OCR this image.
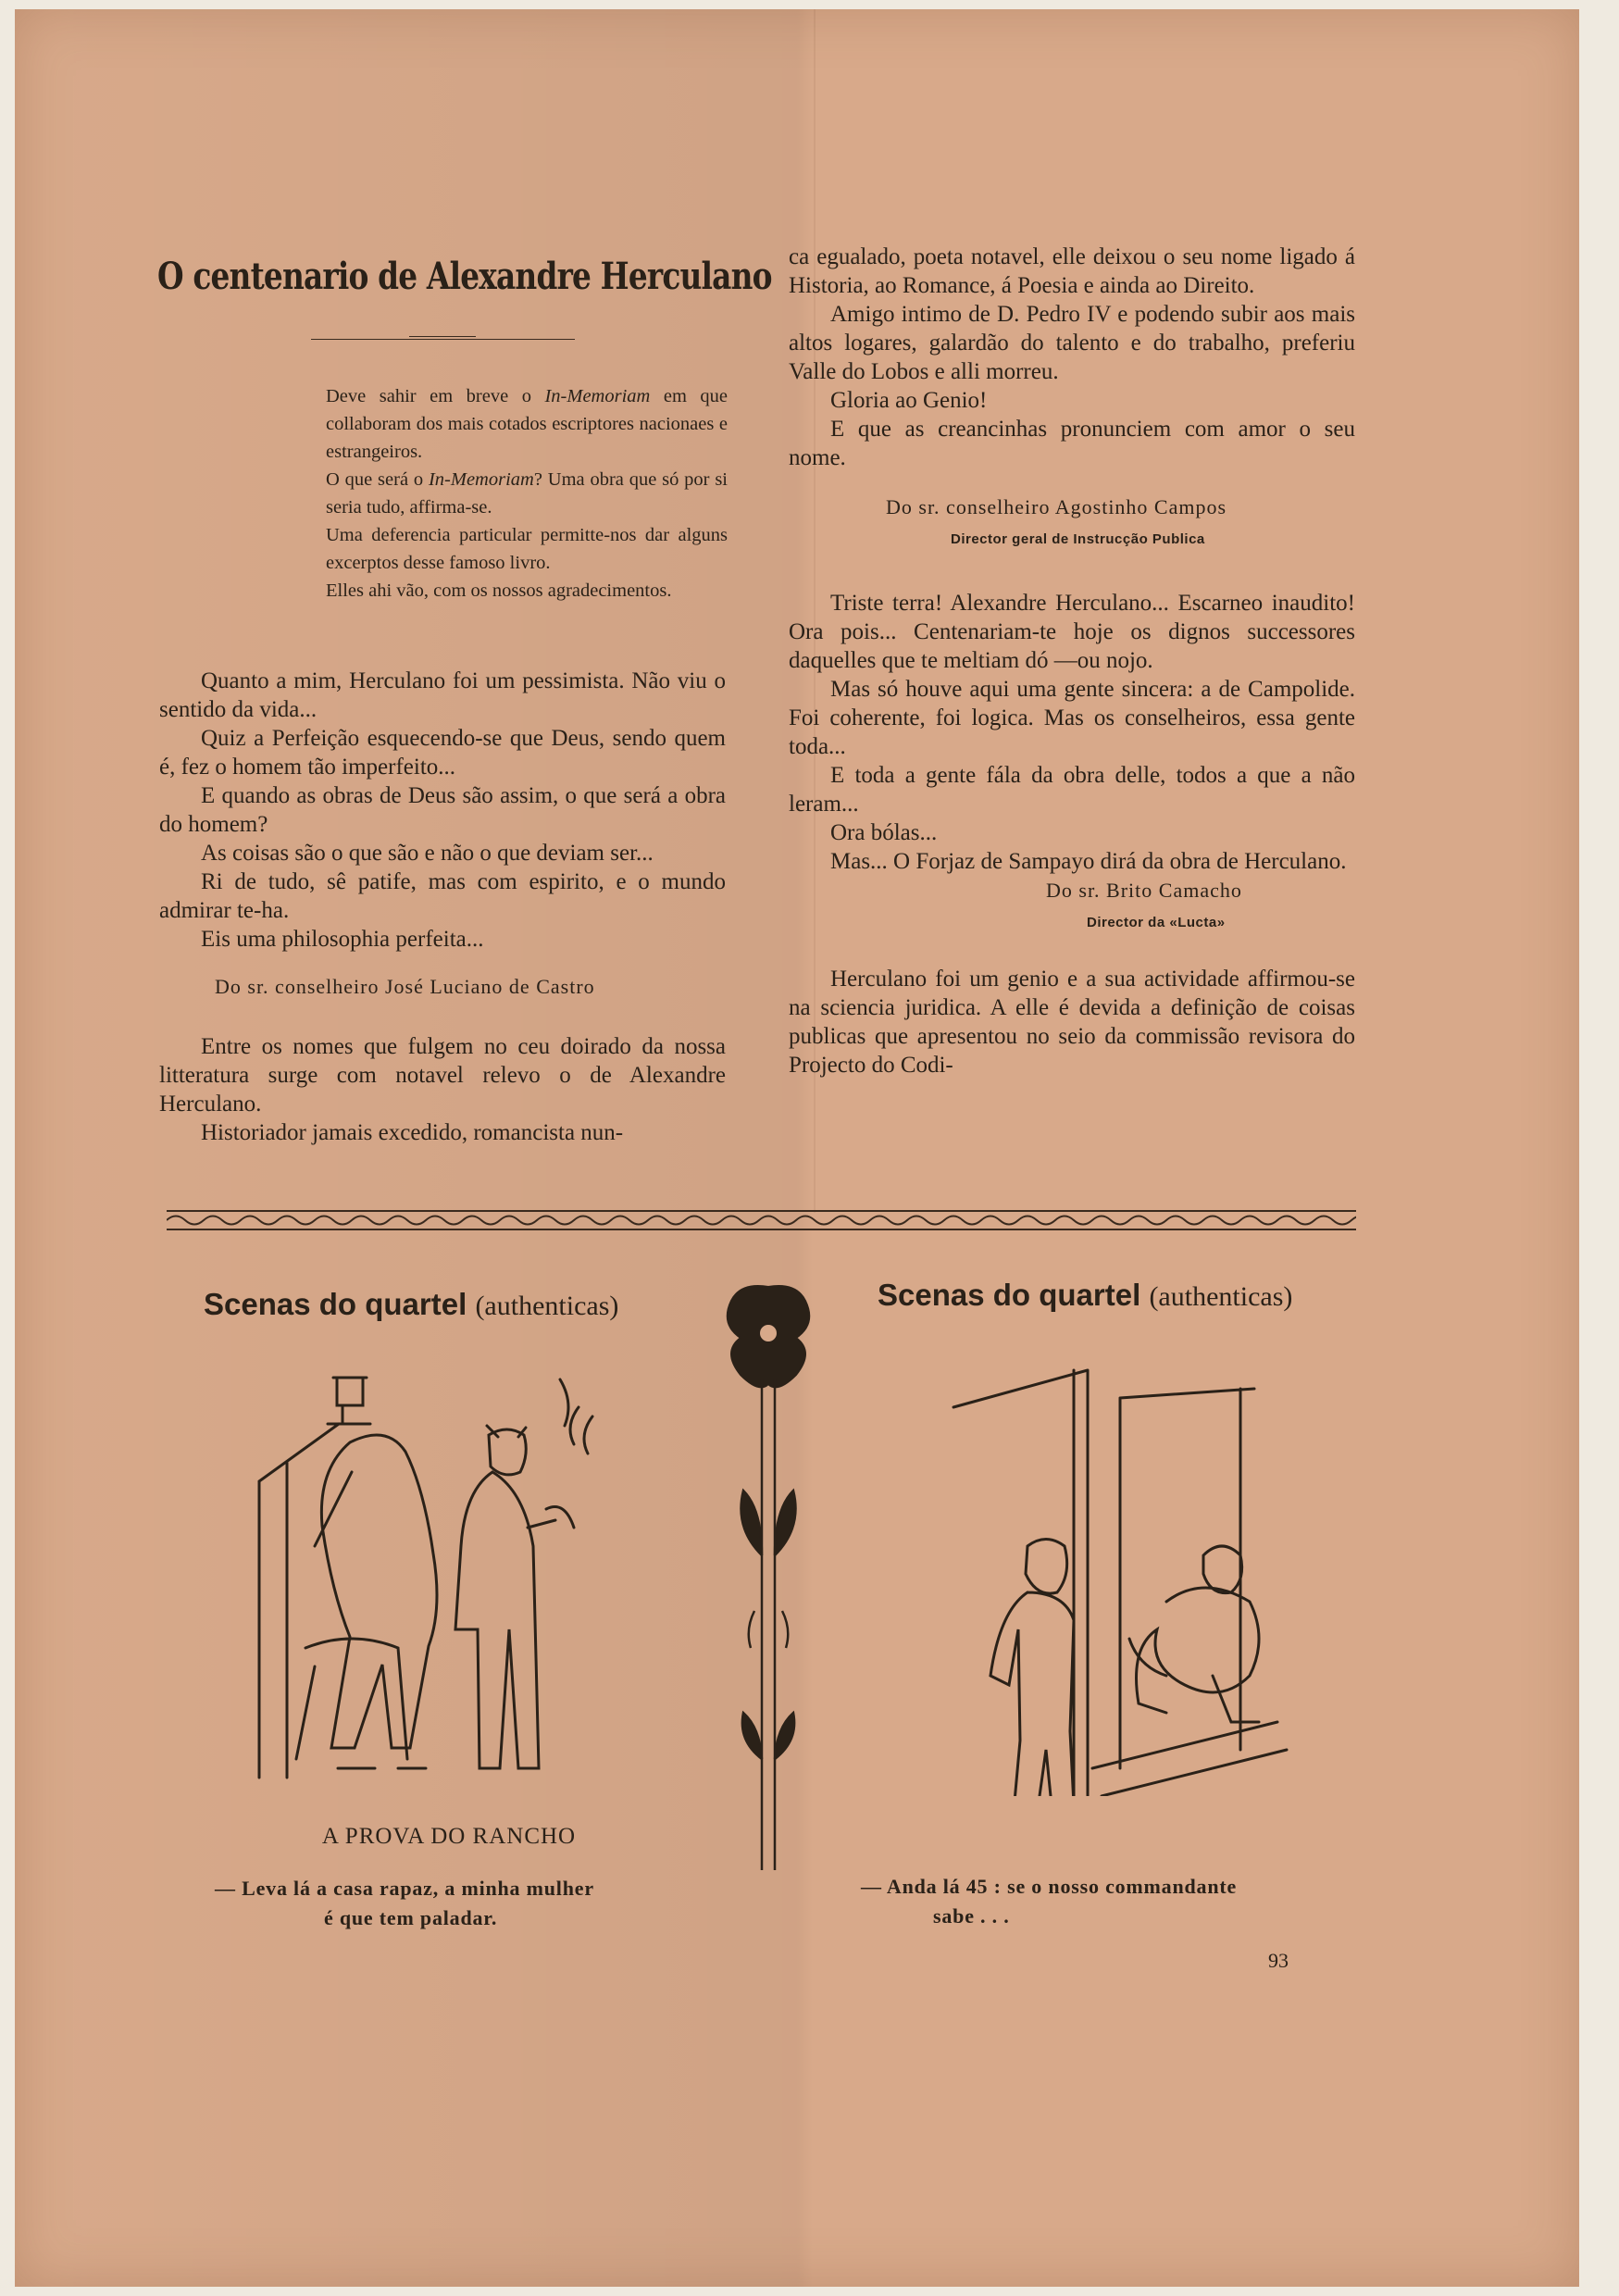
O centenario de Alexandre Herculano

Deve sahir em breve o In-Memoriam em que collaboram dos mais cotados escriptores nacionaes e estrangeiros.

O que será o In-Memoriam? Uma obra que só por si seria tudo, affirma-se.

Uma deferencia particular permitte-nos dar alguns excerptos desse famoso livro.

Elles ahi vão, com os nossos agradecimentos.

Quanto a mim, Herculano foi um pessimista. Não viu o sentido da vida...

Quiz a Perfeição esquecendo-se que Deus, sendo quem é, fez o homem tão imperfeito...

E quando as obras de Deus são assim, o que será a obra do homem?

As coisas são o que são e não o que deviam ser...

Ri de tudo, sê patife, mas com espirito, e o mundo admirar te-ha.

Eis uma philosophia perfeita...

Do sr. conselheiro José Luciano de Castro

Entre os nomes que fulgem no ceu doirado da nossa litteratura surge com notavel relevo o de Alexandre Herculano.

Historiador jamais excedido, romancista nun-

ca egualado, poeta notavel, elle deixou o seu nome ligado á Historia, ao Romance, á Poesia e ainda ao Direito.

Amigo intimo de D. Pedro IV e podendo subir aos mais altos logares, galardão do talento e do trabalho, preferiu Valle do Lobos e alli morreu.

Gloria ao Genio!

E que as creancinhas pronunciem com amor o seu nome.

Do sr. conselheiro Agostinho Campos
Director geral de Instrucção Publica

Triste terra! Alexandre Herculano... Escarneo inaudito! Ora pois... Centenariam-te hoje os dignos successores daquelles que te meltiam dó —ou nojo.

Mas só houve aqui uma gente sincera: a de Campolide. Foi coherente, foi logica. Mas os conselheiros, essa gente toda...

E toda a gente fála da obra delle, todos a que a não leram...

Ora bólas...

Mas... O Forjaz de Sampayo dirá da obra de Herculano.

Do sr. Brito Camacho
Director da «Lucta»

Herculano foi um genio e a sua actividade affirmou-se na sciencia juridica. A elle é devida a definição de coisas publicas que apresentou no seio da commissão revisora do Projecto do Codi-

Scenas do quartel (authenticas)	Scenas do quartel (authenticas)
A PROVA DO RANCHO
— Leva lá a casa rapaz, a minha mulher
é que tem paladar.
— Anda lá 45 : se o nosso commandante
sabe . . .
93
